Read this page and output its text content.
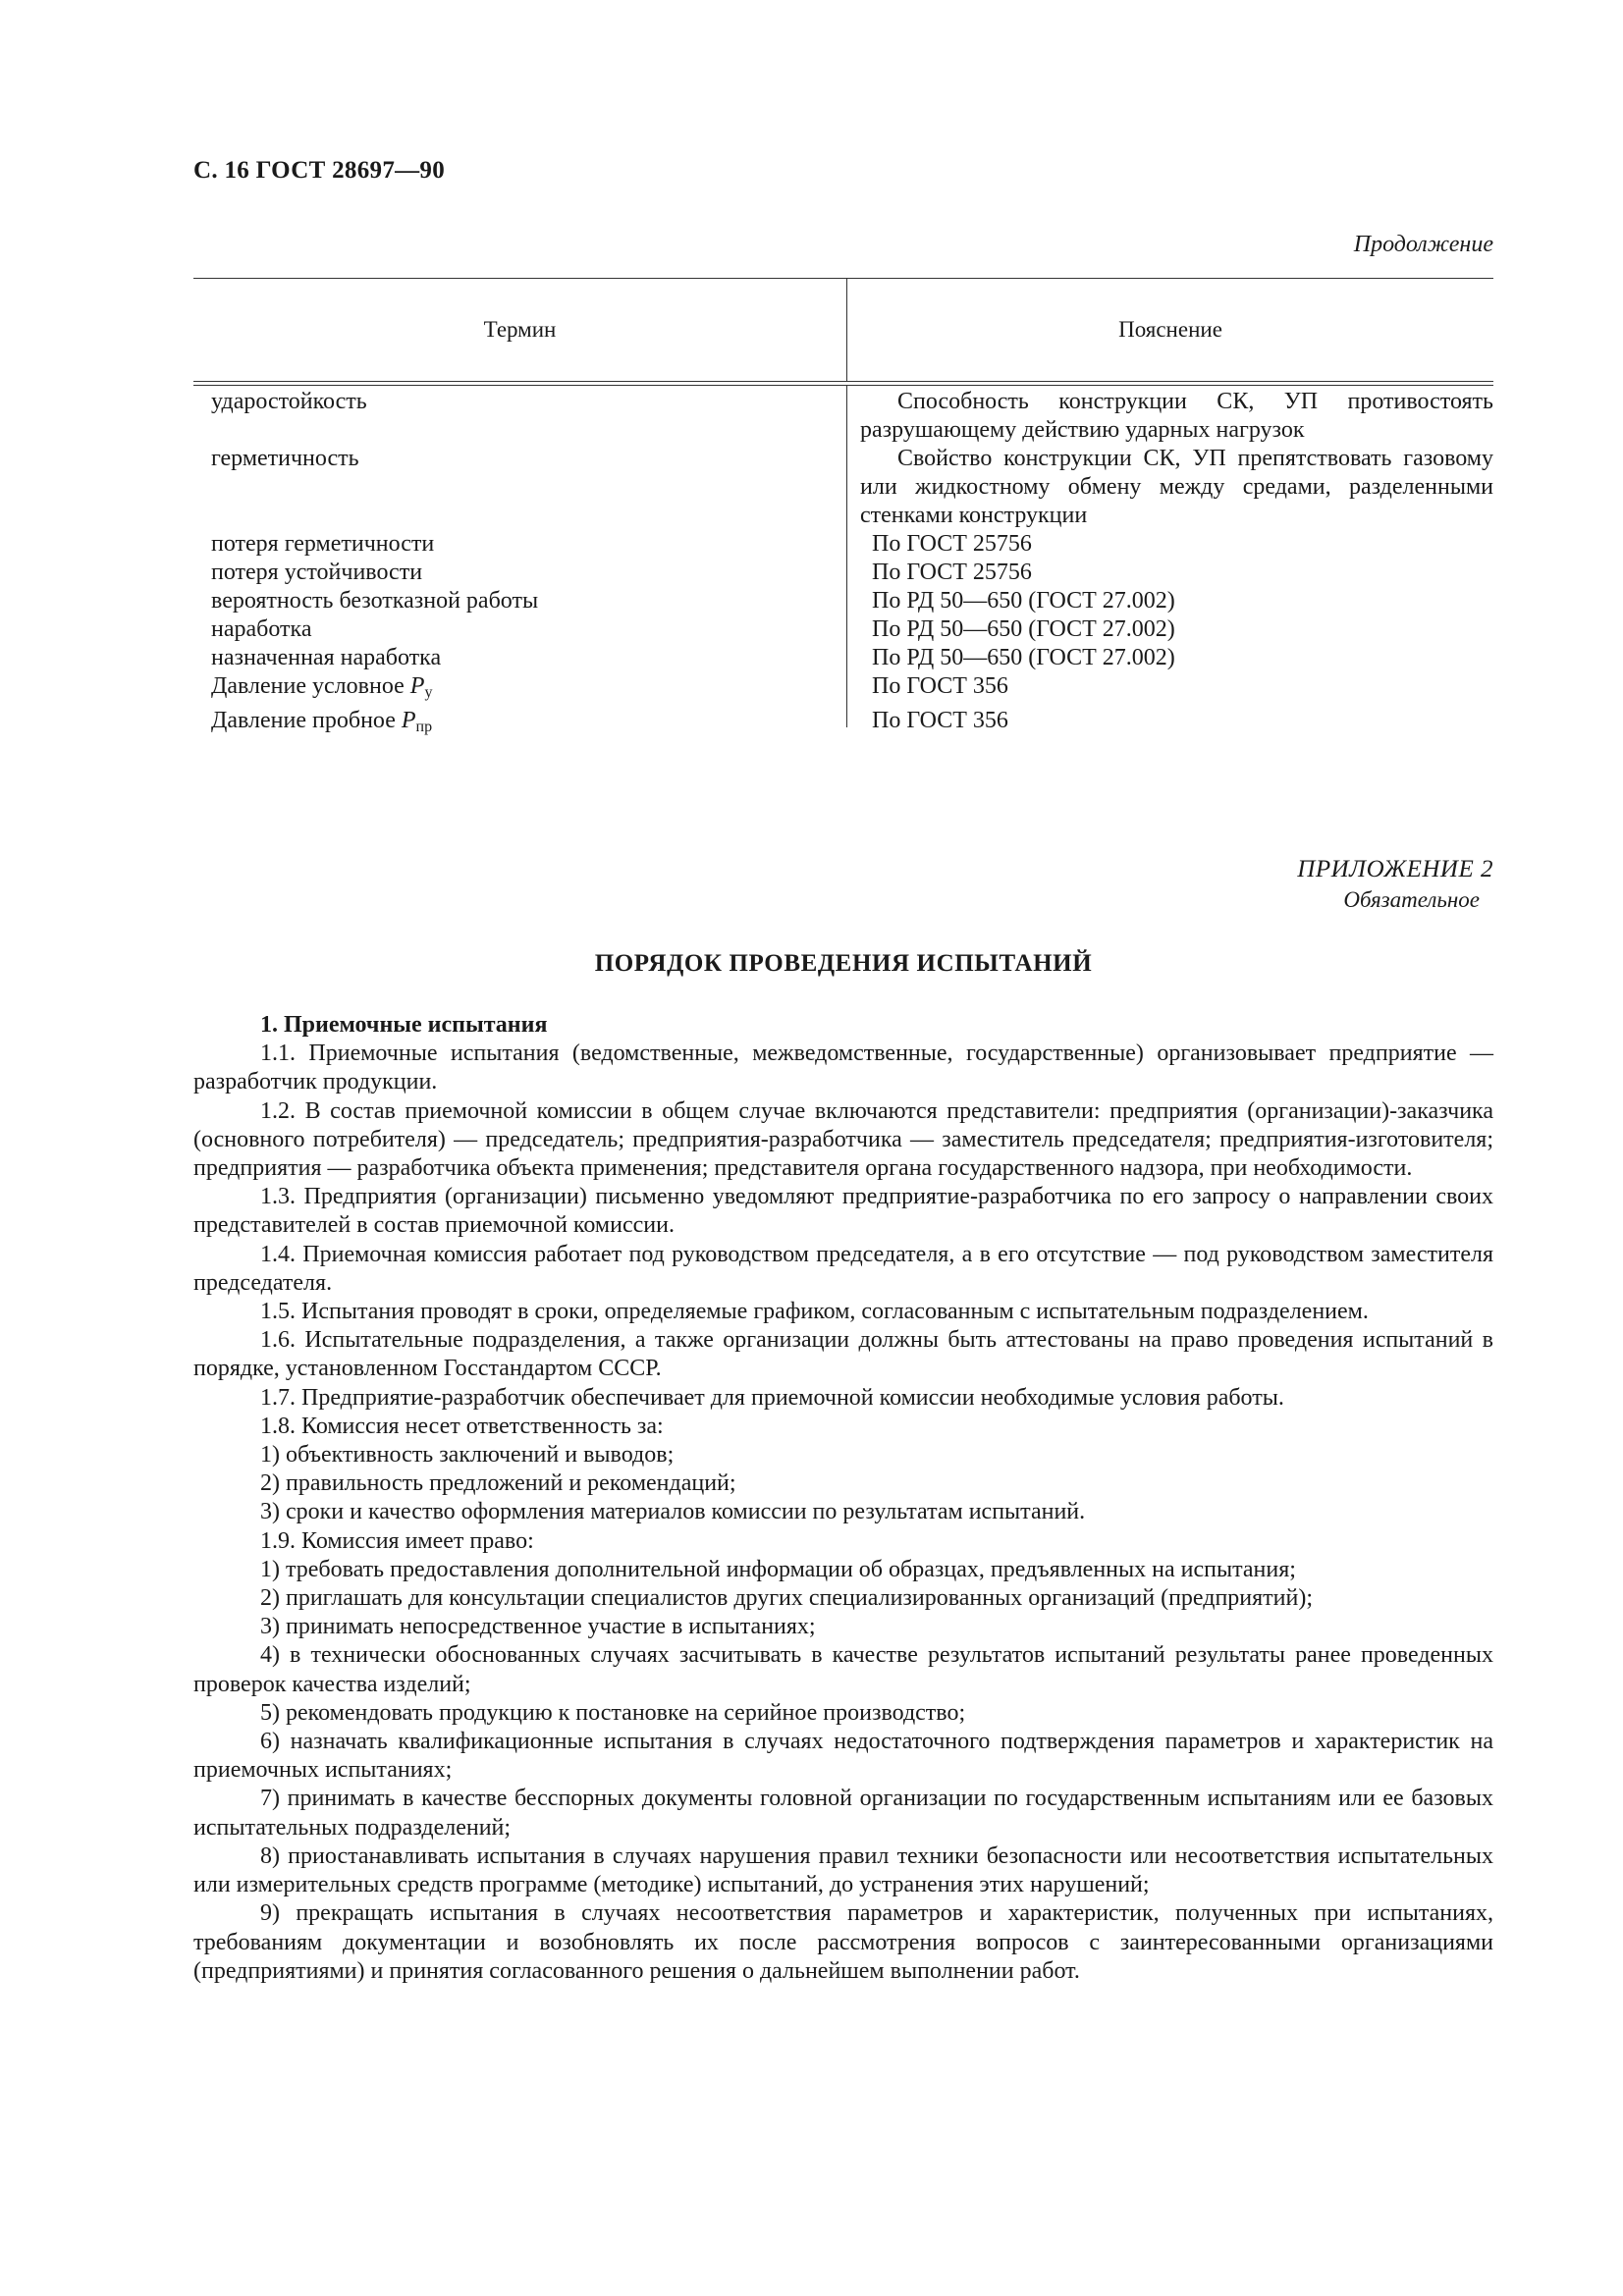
С. 16 ГОСТ 28697—90
Продолжение
Термин	Пояснение
ударостойкость	Способность конструкции СК, УП противостоять разрушающему действию ударных нагрузок
герметичность	Свойство конструкции СК, УП препятствовать газовому или жидкостному обмену между средами, разделенными стенками конструкции
потеря герметичности	По ГОСТ 25756
потеря устойчивости	По ГОСТ 25756
вероятность безотказной работы	По РД 50—650 (ГОСТ 27.002)
наработка	По РД 50—650 (ГОСТ 27.002)
назначенная наработка	По РД 50—650 (ГОСТ 27.002)
Давление условное $P_у$	По ГОСТ 356
Давление пробное $P_{пр}$	По ГОСТ 356
ПРИЛОЖЕНИЕ 2
Обязательное
ПОРЯДОК ПРОВЕДЕНИЯ ИСПЫТАНИЙ

1. Приемочные испытания

1.1. Приемочные испытания (ведомственные, межведомственные, государственные) организовывает предприятие — разработчик продукции.

1.2. В состав приемочной комиссии в общем случае включаются представители: предприятия (организации)-заказчика (основного потребителя) — председатель; предприятия-разработчика — заместитель председателя; предприятия-изготовителя; предприятия — разработчика объекта применения; представителя органа государственного надзора, при необходимости.

1.3. Предприятия (организации) письменно уведомляют предприятие-разработчика по его запросу о направлении своих представителей в состав приемочной комиссии.

1.4. Приемочная комиссия работает под руководством председателя, а в его отсутствие — под руководством заместителя председателя.

1.5. Испытания проводят в сроки, определяемые графиком, согласованным с испытательным подразделением.

1.6. Испытательные подразделения, а также организации должны быть аттестованы на право проведения испытаний в порядке, установленном Госстандартом СССР.

1.7. Предприятие-разработчик обеспечивает для приемочной комиссии необходимые условия работы.

1.8. Комиссия несет ответственность за:

1) объективность заключений и выводов;

2) правильность предложений и рекомендаций;

3) сроки и качество оформления материалов комиссии по результатам испытаний.

1.9. Комиссия имеет право:

1) требовать предоставления дополнительной информации об образцах, предъявленных на испытания;

2) приглашать для консультации специалистов других специализированных организаций (предприятий);

3) принимать непосредственное участие в испытаниях;

4) в технически обоснованных случаях засчитывать в качестве результатов испытаний результаты ранее проведенных проверок качества изделий;

5) рекомендовать продукцию к постановке на серийное производство;

6) назначать квалификационные испытания в случаях недостаточного подтверждения параметров и характеристик на приемочных испытаниях;

7) принимать в качестве бесспорных документы головной организации по государственным испытаниям или ее базовых испытательных подразделений;

8) приостанавливать испытания в случаях нарушения правил техники безопасности или несоответствия испытательных или измерительных средств программе (методике) испытаний, до устранения этих нарушений;

9) прекращать испытания в случаях несоответствия параметров и характеристик, полученных при испытаниях, требованиям документации и возобновлять их после рассмотрения вопросов с заинтересованными организациями (предприятиями) и принятия согласованного решения о дальнейшем выполнении работ.
